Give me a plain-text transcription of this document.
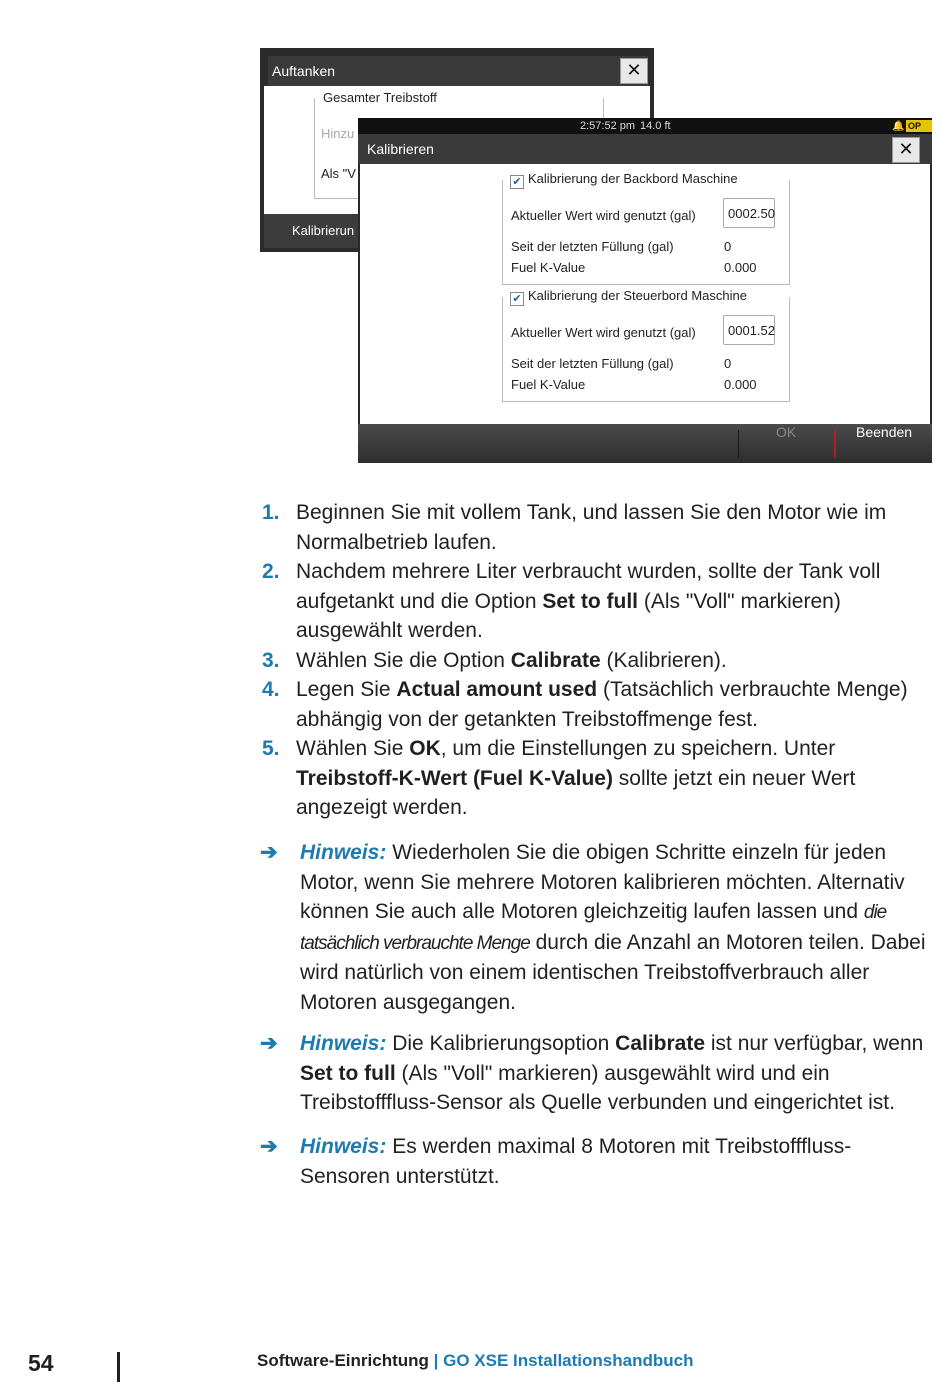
Auftanken	✕
Gesamter Treibstoff
Hinzu
Als "V
Kalibrierun
2:57:52 pm 14.0 ft	🔔 OP
Kalibrieren	✕
✔ Kalibrierung der Backbord Maschine
Aktueller Wert wird genutzt (gal)	0002.50
Seit der letzten Füllung (gal)	0
Fuel K-Value	0.000
✔ Kalibrierung der Steuerbord Maschine
Aktueller Wert wird genutzt (gal)	0001.52
Seit der letzten Füllung (gal)	0
Fuel K-Value	0.000
OK	Beenden
1. Beginnen Sie mit vollem Tank, und lassen Sie den Motor wie im Normalbetrieb laufen.
2. Nachdem mehrere Liter verbraucht wurden, sollte der Tank voll aufgetankt und die Option Set to full (Als "Voll" markieren) ausgewählt werden.
3. Wählen Sie die Option Calibrate (Kalibrieren).
4. Legen Sie Actual amount used (Tatsächlich verbrauchte Menge) abhängig von der getankten Treibstoffmenge fest.
5. Wählen Sie OK, um die Einstellungen zu speichern. Unter Treibstoff-K-Wert (Fuel K-Value) sollte jetzt ein neuer Wert angezeigt werden.
➔ Hinweis: Wiederholen Sie die obigen Schritte einzeln für jeden Motor, wenn Sie mehrere Motoren kalibrieren möchten. Alternativ können Sie auch alle Motoren gleichzeitig laufen lassen und die tatsächlich verbrauchte Menge durch die Anzahl an Motoren teilen. Dabei wird natürlich von einem identischen Treibstoffverbrauch aller Motoren ausgegangen.
➔ Hinweis: Die Kalibrierungsoption Calibrate ist nur verfügbar, wenn Set to full (Als "Voll" markieren) ausgewählt wird und ein Treibstofffluss-Sensor als Quelle verbunden und eingerichtet ist.
➔ Hinweis: Es werden maximal 8 Motoren mit Treibstofffluss-Sensoren unterstützt.
54	Software-Einrichtung | GO XSE Installationshandbuch
